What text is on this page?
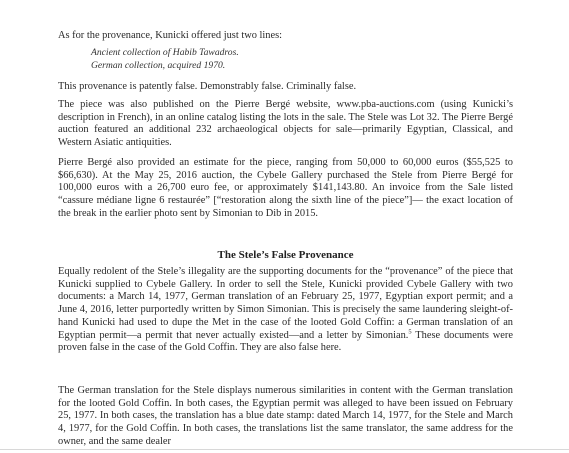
As for the provenance, Kunicki offered just two lines:

Ancient collection of Habib Tawadros.

German collection, acquired 1970.

This provenance is patently false. Demonstrably false. Criminally false.

The piece was also published on the Pierre Bergé website, www.pba-auctions.com (using Kunicki’s description in French), in an online catalog listing the lots in the sale. The Stele was Lot 32. The Pierre Bergé auction featured an additional 232 archaeological objects for sale—primarily Egyptian, Classical, and Western Asiatic antiquities.

Pierre Bergé also provided an estimate for the piece, ranging from 50,000 to 60,000 euros ($55,525 to $66,630). At the May 25, 2016 auction, the Cybele Gallery purchased the Stele from Pierre Bergé for 100,000 euros with a 26,700 euro fee, or approximately $141,143.80. An invoice from the Sale listed “cassure médiane ligne 6 restaurée” [“restoration along the sixth line of the piece”]— the exact location of the break in the earlier photo sent by Simonian to Dib in 2015.

The Stele’s False Provenance

Equally redolent of the Stele’s illegality are the supporting documents for the “provenance” of the piece that Kunicki supplied to Cybele Gallery. In order to sell the Stele, Kunicki provided Cybele Gallery with two documents: a March 14, 1977, German translation of an February 25, 1977, Egyptian export permit; and a June 4, 2016, letter purportedly written by Simon Simonian. This is precisely the same laundering sleight-of-hand Kunicki had used to dupe the Met in the case of the looted Gold Coffin: a German translation of an Egyptian permit—a permit that never actually existed—and a letter by Simonian.$^5$ These documents were proven false in the case of the Gold Coffin. They are also false here.

The German translation for the Stele displays numerous similarities in content with the German translation for the looted Gold Coffin. In both cases, the Egyptian permit was alleged to have been issued on February 25, 1977. In both cases, the translation has a blue date stamp: dated March 14, 1977, for the Stele and March 4, 1977, for the Gold Coffin. In both cases, the translations list the same translator, the same address for the owner, and the same dealer
